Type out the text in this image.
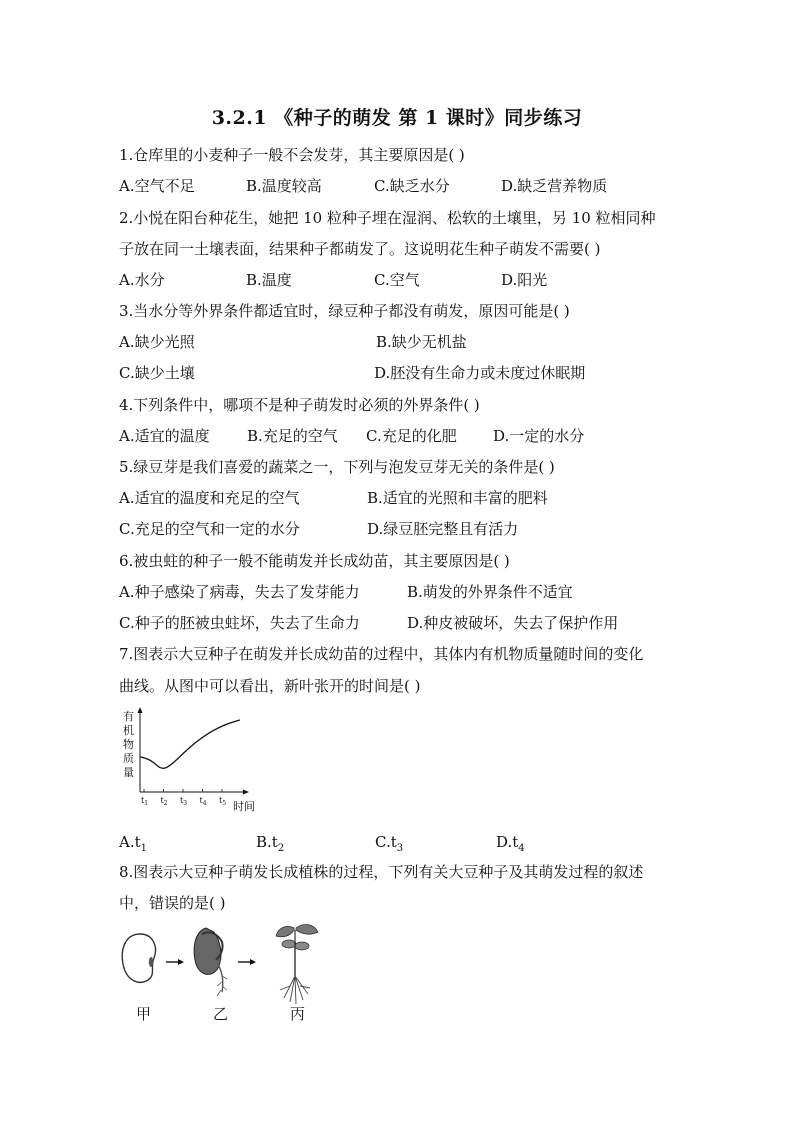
3.2.1 《种子的萌发 第 1 课时》同步练习
1.仓库里的小麦种子一般不会发芽，其主要原因是( )
A.空气不足	B.温度较高	C.缺乏水分	D.缺乏营养物质
2.小悦在阳台种花生，她把 10 粒种子埋在湿润、松软的土壤里，另 10 粒相同种
子放在同一土壤表面，结果种子都萌发了。这说明花生种子萌发不需要( )
A.水分	B.温度	C.空气	D.阳光
3.当水分等外界条件都适宜时，绿豆种子都没有萌发，原因可能是( )
A.缺少光照	B.缺少无机盐
C.缺少土壤	D.胚没有生命力或未度过休眠期
4.下列条件中，哪项不是种子萌发时必须的外界条件( )
A.适宜的温度 B.充足的空气 C.充足的化肥 D.一定的水分
5.绿豆芽是我们喜爱的蔬菜之一，下列与泡发豆芽无关的条件是( )
A.适宜的温度和充足的空气	B.适宜的光照和丰富的肥料
C.充足的空气和一定的水分	D.绿豆胚完整且有活力
6.被虫蛀的种子一般不能萌发并长成幼苗，其主要原因是( )
A.种子感染了病毒，失去了发芽能力	B.萌发的外界条件不适宜
C.种子的胚被虫蛀坏，失去了生命力	D.种皮被破坏，失去了保护作用
7.图表示大豆种子在萌发并长成幼苗的过程中，其体内有机物质量随时间的变化
曲线。从图中可以看出，新叶张开的时间是( )
有
机
物
质
量
$t_1$ $t_2$ $t_3$ $t_4$ $t_5$ 时间
$A.t_1$	$B.t_2$	$C.t_3$	$D.t_4$
8.图表示大豆种子萌发长成植株的过程，下列有关大豆种子及其萌发过程的叙述
中，错误的是( )
甲	乙	丙
